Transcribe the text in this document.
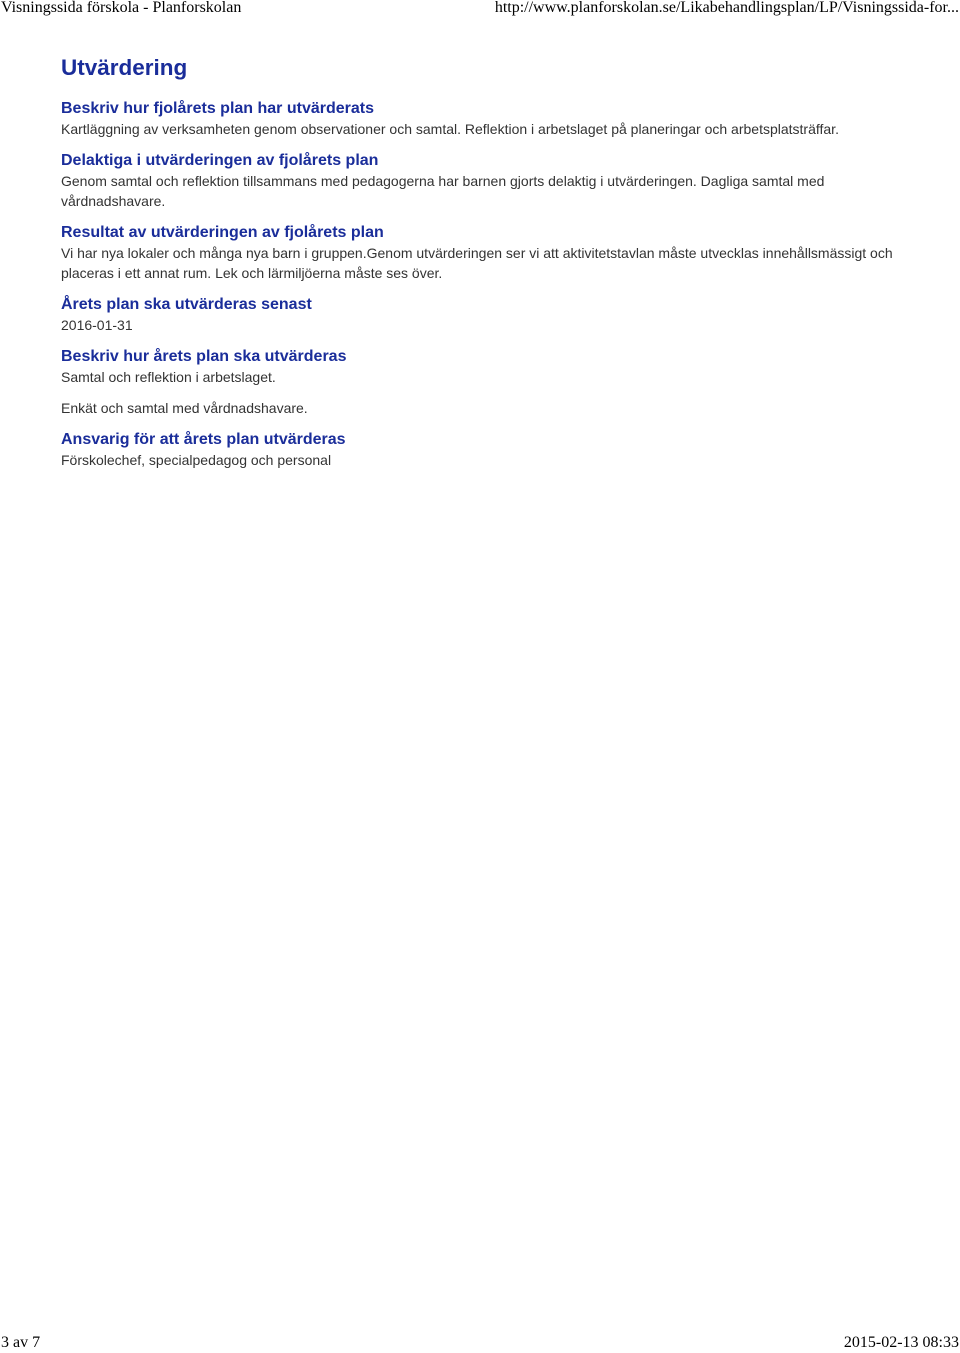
Visningssida förskola - Planforskolan	http://www.planforskolan.se/Likabehandlingsplan/LP/Visningssida-for...
Utvärdering
Beskriv hur fjolårets plan har utvärderats

Kartläggning av verksamheten genom observationer och samtal. Reflektion i arbetslaget på planeringar och arbetsplatsträffar.

Delaktiga i utvärderingen av fjolårets plan

Genom samtal och reflektion tillsammans med pedagogerna har barnen gjorts delaktig i utvärderingen. Dagliga samtal med vårdnadshavare.

Resultat av utvärderingen av fjolårets plan

Vi har nya lokaler och många nya barn i gruppen.Genom utvärderingen ser vi att aktivitetstavlan måste utvecklas innehållsmässigt och placeras i ett annat rum. Lek och lärmiljöerna måste ses över.

Årets plan ska utvärderas senast

2016-01-31

Beskriv hur årets plan ska utvärderas

Samtal och reflektion i arbetslaget.

Enkät och samtal med vårdnadshavare.

Ansvarig för att årets plan utvärderas

Förskolechef, specialpedagog och personal

3 av 7	2015-02-13 08:33
